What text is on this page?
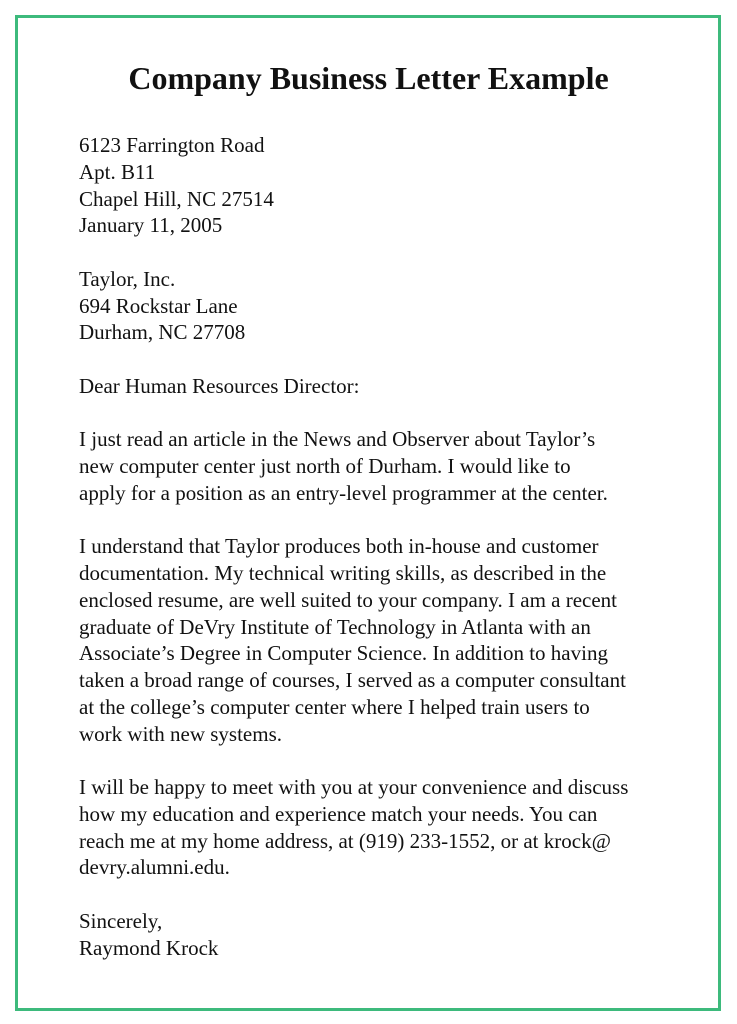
Company Business Letter Example
6123 Farrington Road
Apt. B11
Chapel Hill, NC 27514
January 11, 2005
Taylor, Inc.
694 Rockstar Lane
Durham, NC 27708
Dear Human Resources Director:
I just read an article in the News and Observer about Taylor’s
new computer center just north of Durham. I would like to
apply for a position as an entry-level programmer at the center.
I understand that Taylor produces both in-house and customer
documentation. My technical writing skills, as described in the
enclosed resume, are well suited to your company. I am a recent
graduate of DeVry Institute of Technology in Atlanta with an
Associate’s Degree in Computer Science. In addition to having
taken a broad range of courses, I served as a computer consultant
at the college’s computer center where I helped train users to
work with new systems.
I will be happy to meet with you at your convenience and discuss
how my education and experience match your needs. You can
reach me at my home address, at (919) 233-1552, or at krock@
devry.alumni.edu.
Sincerely,
Raymond Krock
